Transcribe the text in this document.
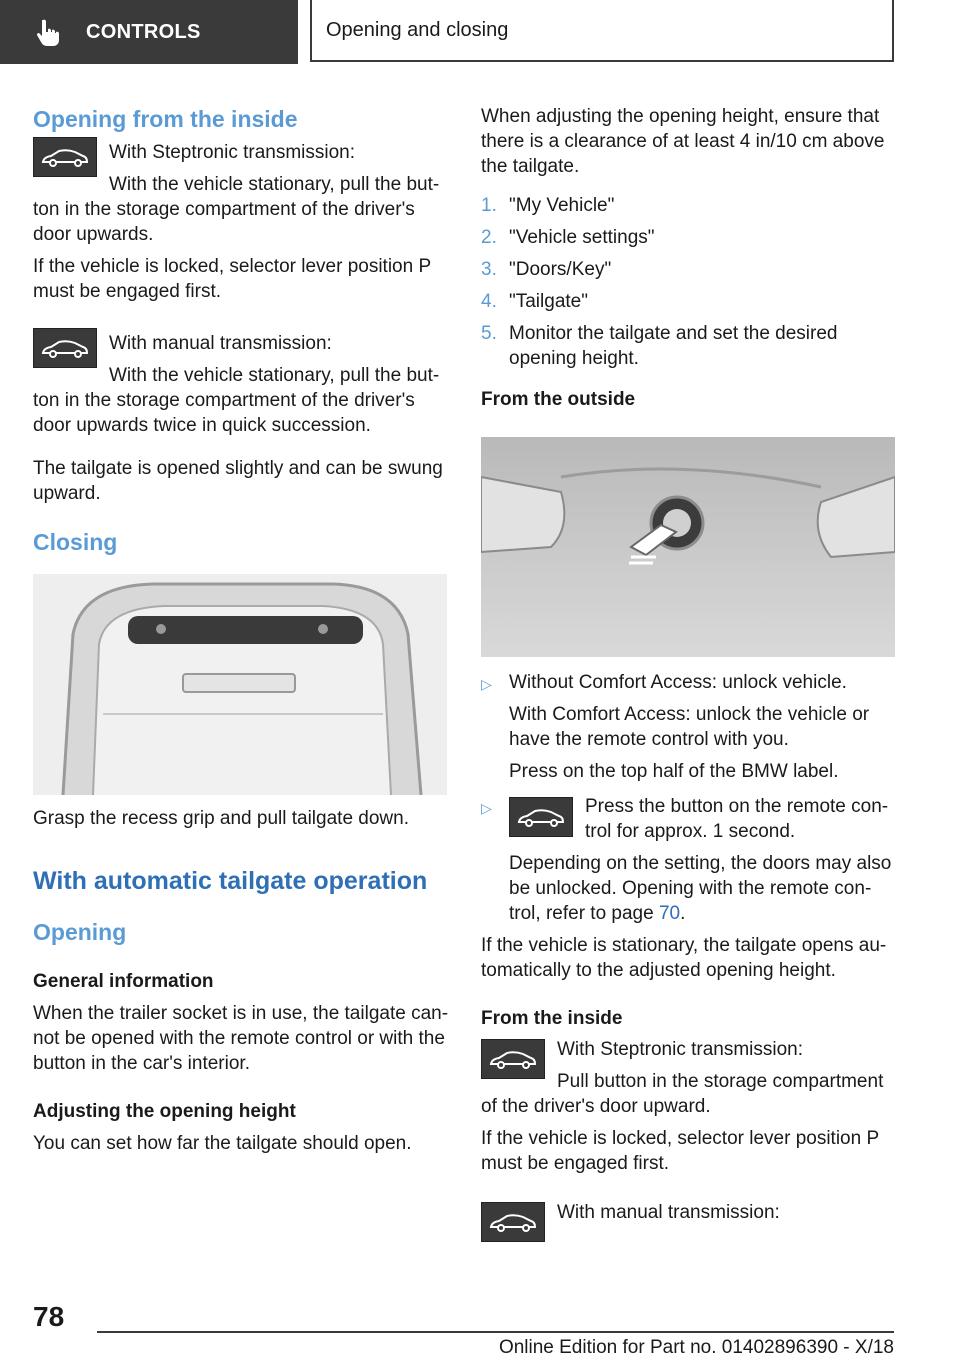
CONTROLS	Opening and closing
Opening from the inside

With Steptronic transmission:

With the vehicle stationary, pull the but- ton in the storage compartment of the driver's door upwards.

If the vehicle is locked, selector lever position P must be engaged first.

With manual transmission:

With the vehicle stationary, pull the but- ton in the storage compartment of the driver's door upwards twice in quick succession.

The tailgate is opened slightly and can be swung upward.

Closing

Grasp the recess grip and pull tailgate down.

With automatic tailgate operation
Opening
General information

When the trailer socket is in use, the tailgate can- not be opened with the remote control or with the button in the car's interior.

Adjusting the opening height

You can set how far the tailgate should open.

When adjusting the opening height, ensure that there is a clearance of at least 4 in/10 cm above the tailgate.

1. "My Vehicle"
2. "Vehicle settings"
3. "Doors/Key"
4. "Tailgate"
5. Monitor the tailgate and set the desired opening height.
From the outside
▷ Without Comfort Access: unlock vehicle.

With Comfort Access: unlock the vehicle or have the remote control with you.

Press on the top half of the BMW label.

▷	Press the button on the remote con- trol for approx. 1 second.

Depending on the setting, the doors may also be unlocked. Opening with the remote con- trol, refer to page 70.

If the vehicle is stationary, the tailgate opens au- tomatically to the adjusted opening height.

From the inside

With Steptronic transmission:

Pull button in the storage compartment of the driver's door upward.

If the vehicle is locked, selector lever position P must be engaged first.

With manual transmission:

78
Online Edition for Part no. 01402896390 - X/18
